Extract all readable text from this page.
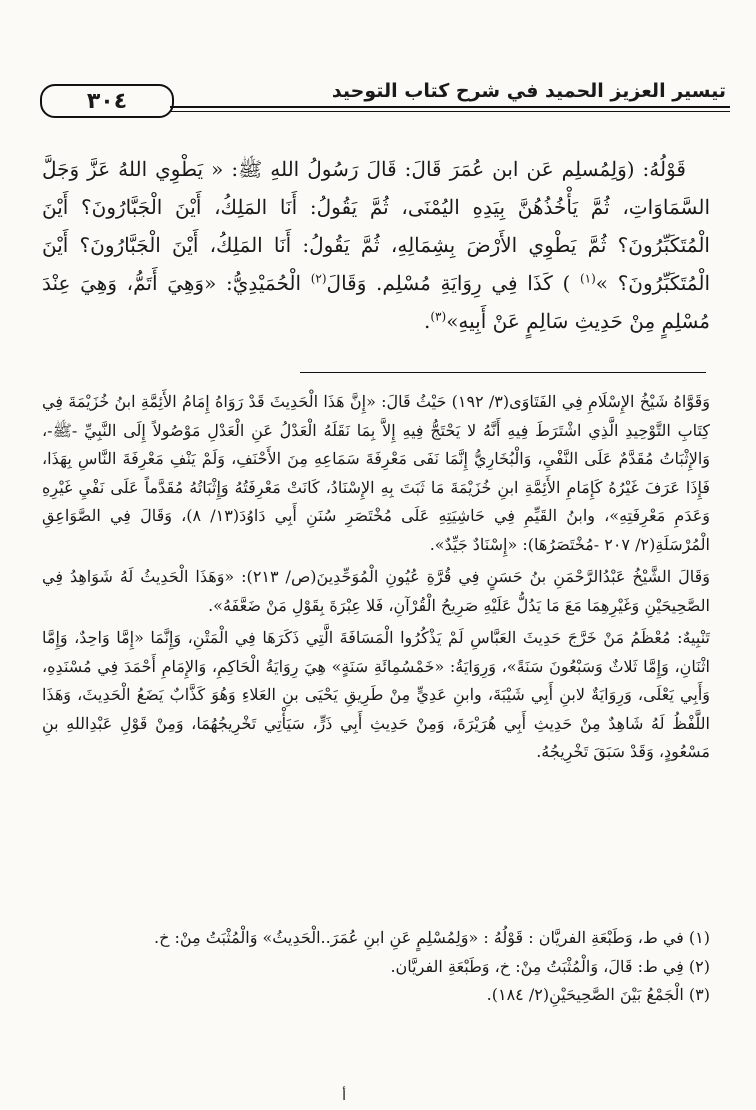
٣٠٤	تيسير العزيز الحميد في شرح كتاب التوحيد

قَوْلُهُ: (وَلِمُسلِم عَن ابن عُمَرَ قَالَ: قَالَ رَسُولُ اللهِ ﷺ: « يَطْوِي اللهُ عَزَّ وَجَلَّ السَّمَاوَاتِ، ثُمَّ يَأْخُذُهُنَّ بِيَدِهِ اليُمْنَى، ثُمَّ يَقُولُ: أَنَا المَلِكُ، أَيْنَ الْجَبَّارُونَ؟ أَيْنَ الْمُتَكَبِّرُونَ؟ ثُمَّ يَطْوِي الأَرْضَ بِشِمَالِهِ، ثُمَّ يَقُولُ: أَنَا المَلِكُ، أَيْنَ الْجَبَّارُونَ؟ أَيْنَ الْمُتَكَبِّرُونَ؟ »$^{(١)}$ ) كَذَا فِي رِوَايَةِ مُسْلِم. وَقَالَ$^{(٢)}$ الْحُمَيْدِيُّ: «وَهِيَ أَتَمُّ، وَهِيَ عِنْدَ مُسْلِمٍ مِنْ حَدِيثِ سَالِمٍ عَنْ أَبِيهِ»$^{(٣)}$.

وَقَوَّاهُ شَيْخُ الإِسْلَامِ فِي الفَتَاوَى(٣/ ١٩٢) حَيْثُ قَالَ: «إِنَّ هَذَا الْحَدِيثَ قَدْ رَوَاهُ إِمَامُ الأَئِمَّةِ ابنُ خُزَيْمَةَ فِي كِتَابِ التَّوْحِيدِ الَّذِي اشْتَرَطَ فِيهِ أَنَّهُ لا يَحْتَجُّ فِيهِ إِلاَّ بِمَا نَقَلَهُ الْعَدْلُ عَنِ الْعَدْلِ مَوْصُولاً إِلَى النَّبِيِّ -ﷺ-، وَالإِثْبَاتُ مُقَدَّمٌ عَلَى النَّفْيِ، وَالْبُخَارِيُّ إِنَّمَا نَفَى مَعْرِفَةَ سَمَاعِهِ مِنَ الأَحْنَفِ، وَلَمْ يَنْفِ مَعْرِفَةَ النَّاسِ بِهَذَا، فَإِذَا عَرَفَ غَيْرُهُ كَإِمَامِ الأَئِمَّةِ ابنِ خُزَيْمَةَ مَا ثَبَتَ بِهِ الإِسْنَادُ، كَانَتْ مَعْرِفَتُهُ وَإِثْبَاتُهُ مُقَدَّماً عَلَى نَفْيِ غَيْرِهِ وَعَدَمِ مَعْرِفَتِهِ»، وابنُ القَيِّمِ فِي حَاشِيَتِهِ عَلَى مُخْتَصَرِ سُنَنِ أَبِي دَاوُدَ(١٣/ ٨)، وَقَالَ فِي الصَّوَاعِقِ الْمُرْسَلَةِ(٢/ ٢٠٧ -مُخْتَصَرُهَا): «إِسْنَادٌ جَيِّدٌ».

وَقَالَ الشَّيْخُ عَبْدُالرَّحْمَنِ بنُ حَسَنٍ فِي قُرَّةِ عُيُونِ الْمُوَحِّدِينَ(ص/ ٢١٣): «وَهَذَا الْحَدِيثُ لَهُ شَوَاهِدُ فِي الصَّحِيحَيْنِ وَغَيْرِهِمَا مَعَ مَا يَدُلُّ عَلَيْهِ صَرِيحُ الْقُرْآنِ، فَلا عِبْرَةَ بِقَوْلِ مَنْ ضَعَّفَهُ».

تَنْبِيهٌ: مُعْظَمُ مَنْ خَرَّجَ حَدِيثَ العَبَّاسِ لَمْ يَذْكُرُوا الْمَسَافَةَ الَّتِي ذَكَرَهَا فِي الْمَتْنِ، وَإِنَّمَا «إِمَّا وَاحِدٌ، وَإِمَّا اثْنَانِ، وَإِمَّا ثَلاثٌ وَسَبْعُونَ سَنَةً»، وَرِوَايَةُ: «خَمْسُمِائَةِ سَنَةٍ» هِيَ رِوَايَةُ الْحَاكِمِ، وَالإِمَامِ أَحْمَدَ فِي مُسْنَدِهِ، وَأَبِي يَعْلَى، وَرِوَايَةٌ لابنِ أَبِي شَيْبَةَ، وابنِ عَدِيٍّ مِنْ طَرِيقِ يَحْيَى بنِ العَلاءِ وَهُوَ كَذَّابٌ يَضَعُ الْحَدِيثَ، وَهَذَا اللَّفْظُ لَهُ شَاهِدٌ مِنْ حَدِيثِ أَبِي هُرَيْرَةَ، وَمِنْ حَدِيثِ أَبِي ذَرٍّ، سَيَأْتِي تَخْرِيجُهُمَا، وَمِنْ قَوْلِ عَبْدِاللهِ بنِ مَسْعُودٍ، وَقَدْ سَبَقَ تَخْرِيجُهُ.

(١) في ط، وَطَبْعَةِ الفريَّان : قَوْلُهُ : «وَلِمُسْلِمٍ عَنِ ابنِ عُمَرَ..الْحَدِيثُ» وَالْمُثْبَتُ مِنْ: خ.
(٢) فِي ط: قَالَ، وَالْمُثْبَتُ مِنْ: خ، وَطَبْعَةِ الفريَّان.
(٣) الْجَمْعُ بَيْنَ الصَّحِيحَيْنِ(٢/ ١٨٤).
أ
